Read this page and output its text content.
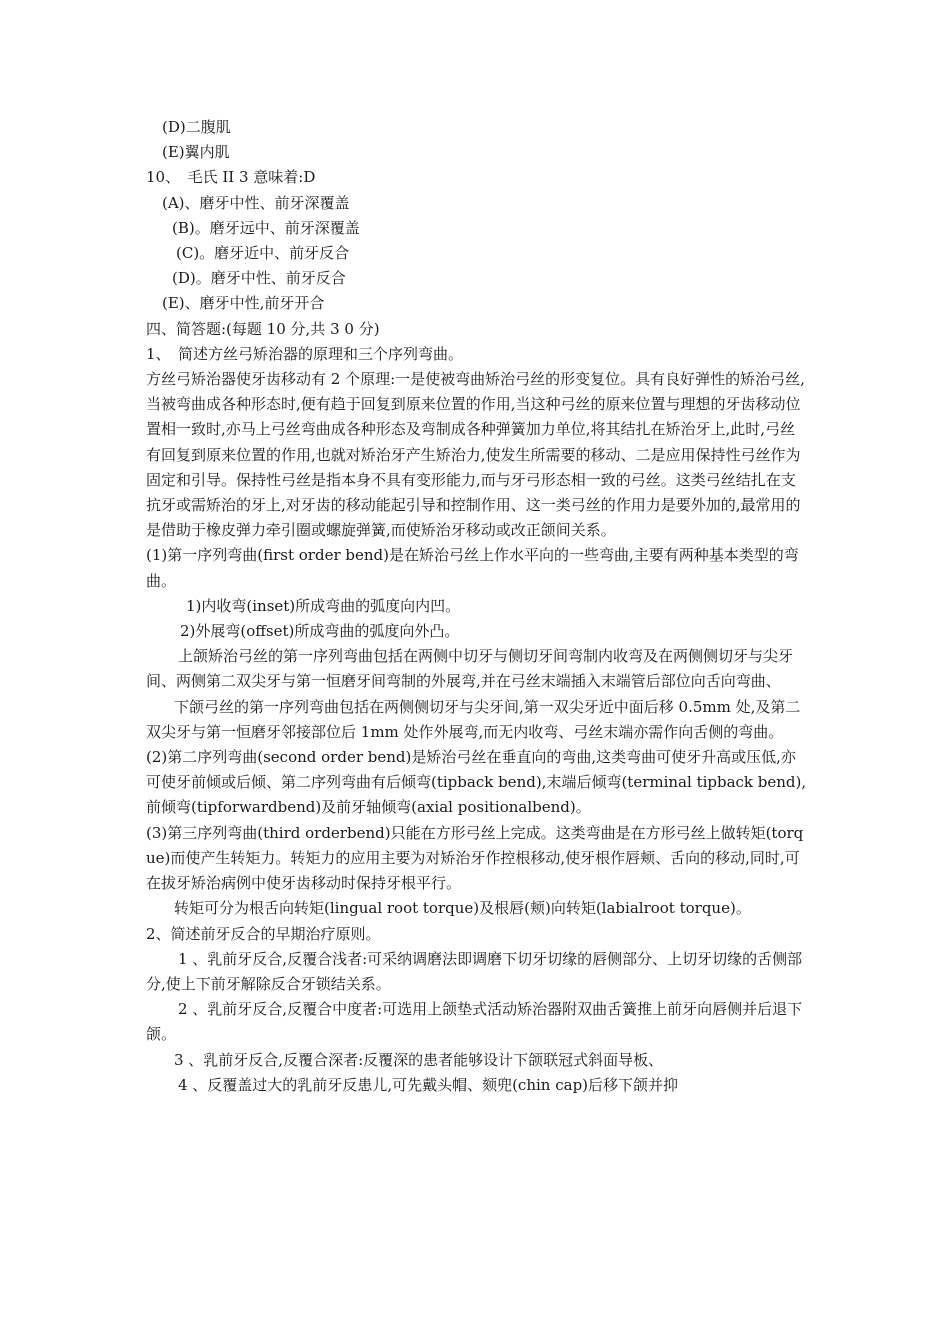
(D)二腹肌

(E)翼内肌

10、　毛氏 II 3 意味着:D

(A)、磨牙中性、前牙深覆盖

(B)。磨牙远中、前牙深覆盖

(C)。磨牙近中、前牙反合

(D)。磨牙中性、前牙反合

(E)、磨牙中性,前牙开合

四、简答题:(每题 10 分,共 3 0 分)

1、　简述方丝弓矫治器的原理和三个序列弯曲。

方丝弓矫治器使牙齿移动有 2 个原理:一是使被弯曲矫治弓丝的形变复位。具有良好弹性的矫治弓丝,当被弯曲成各种形态时,便有趋于回复到原来位置的作用,当这种弓丝的原来位置与理想的牙齿移动位置相一致时,亦马上弓丝弯曲成各种形态及弯制成各种弹簧加力单位,将其结扎在矫治牙上,此时,弓丝有回复到原来位置的作用,也就对矫治牙产生矫治力,使发生所需要的移动、二是应用保持性弓丝作为固定和引导。保持性弓丝是指本身不具有变形能力,而与牙弓形态相一致的弓丝。这类弓丝结扎在支抗牙或需矫治的牙上,对牙齿的移动能起引导和控制作用、这一类弓丝的作用力是要外加的,最常用的是借助于橡皮弹力牵引圈或螺旋弹簧,而使矫治牙移动或改正颌间关系。

(1)第一序列弯曲(first order bend)是在矫治弓丝上作水平向的一些弯曲,主要有两种基本类型的弯曲。

1)内收弯(inset)所成弯曲的弧度向内凹。

2)外展弯(offset)所成弯曲的弧度向外凸。

上颌矫治弓丝的第一序列弯曲包括在两侧中切牙与侧切牙间弯制内收弯及在两侧侧切牙与尖牙间、两侧第二双尖牙与第一恒磨牙间弯制的外展弯,并在弓丝末端插入末端管后部位向舌向弯曲、

下颌弓丝的第一序列弯曲包括在两侧侧切牙与尖牙间,第一双尖牙近中面后移 0.5mm 处,及第二双尖牙与第一恒磨牙邻接部位后 1mm 处作外展弯,而无内收弯、弓丝末端亦需作向舌侧的弯曲。

(2)第二序列弯曲(second order bend)是矫治弓丝在垂直向的弯曲,这类弯曲可使牙升高或压低,亦可使牙前倾或后倾、第二序列弯曲有后倾弯(tipback bend),末端后倾弯(terminal tipback bend),前倾弯(tipforwardbend)及前牙轴倾弯(axial positionalbend)。

(3)第三序列弯曲(third orderbend)只能在方形弓丝上完成。这类弯曲是在方形弓丝上做转矩(torque)而使产生转矩力。转矩力的应用主要为对矫治牙作控根移动,使牙根作唇颊、舌向的移动,同时,可在拔牙矫治病例中使牙齿移动时保持牙根平行。

转矩可分为根舌向转矩(lingual root torque)及根唇(颊)向转矩(labialroot torque)。

2、简述前牙反合的早期治疗原则。

1 、乳前牙反合,反覆合浅者:可采纳调磨法即调磨下切牙切缘的唇侧部分、上切牙切缘的舌侧部分,使上下前牙解除反合牙锁结关系。

2 、乳前牙反合,反覆合中度者:可选用上颌垫式活动矫治器附双曲舌簧推上前牙向唇侧并后退下颌。

3 、乳前牙反合,反覆合深者:反覆深的患者能够设计下颌联冠式斜面导板、

4 、反覆盖过大的乳前牙反患儿,可先戴头帽、颏兜(chin cap)后移下颌并抑
